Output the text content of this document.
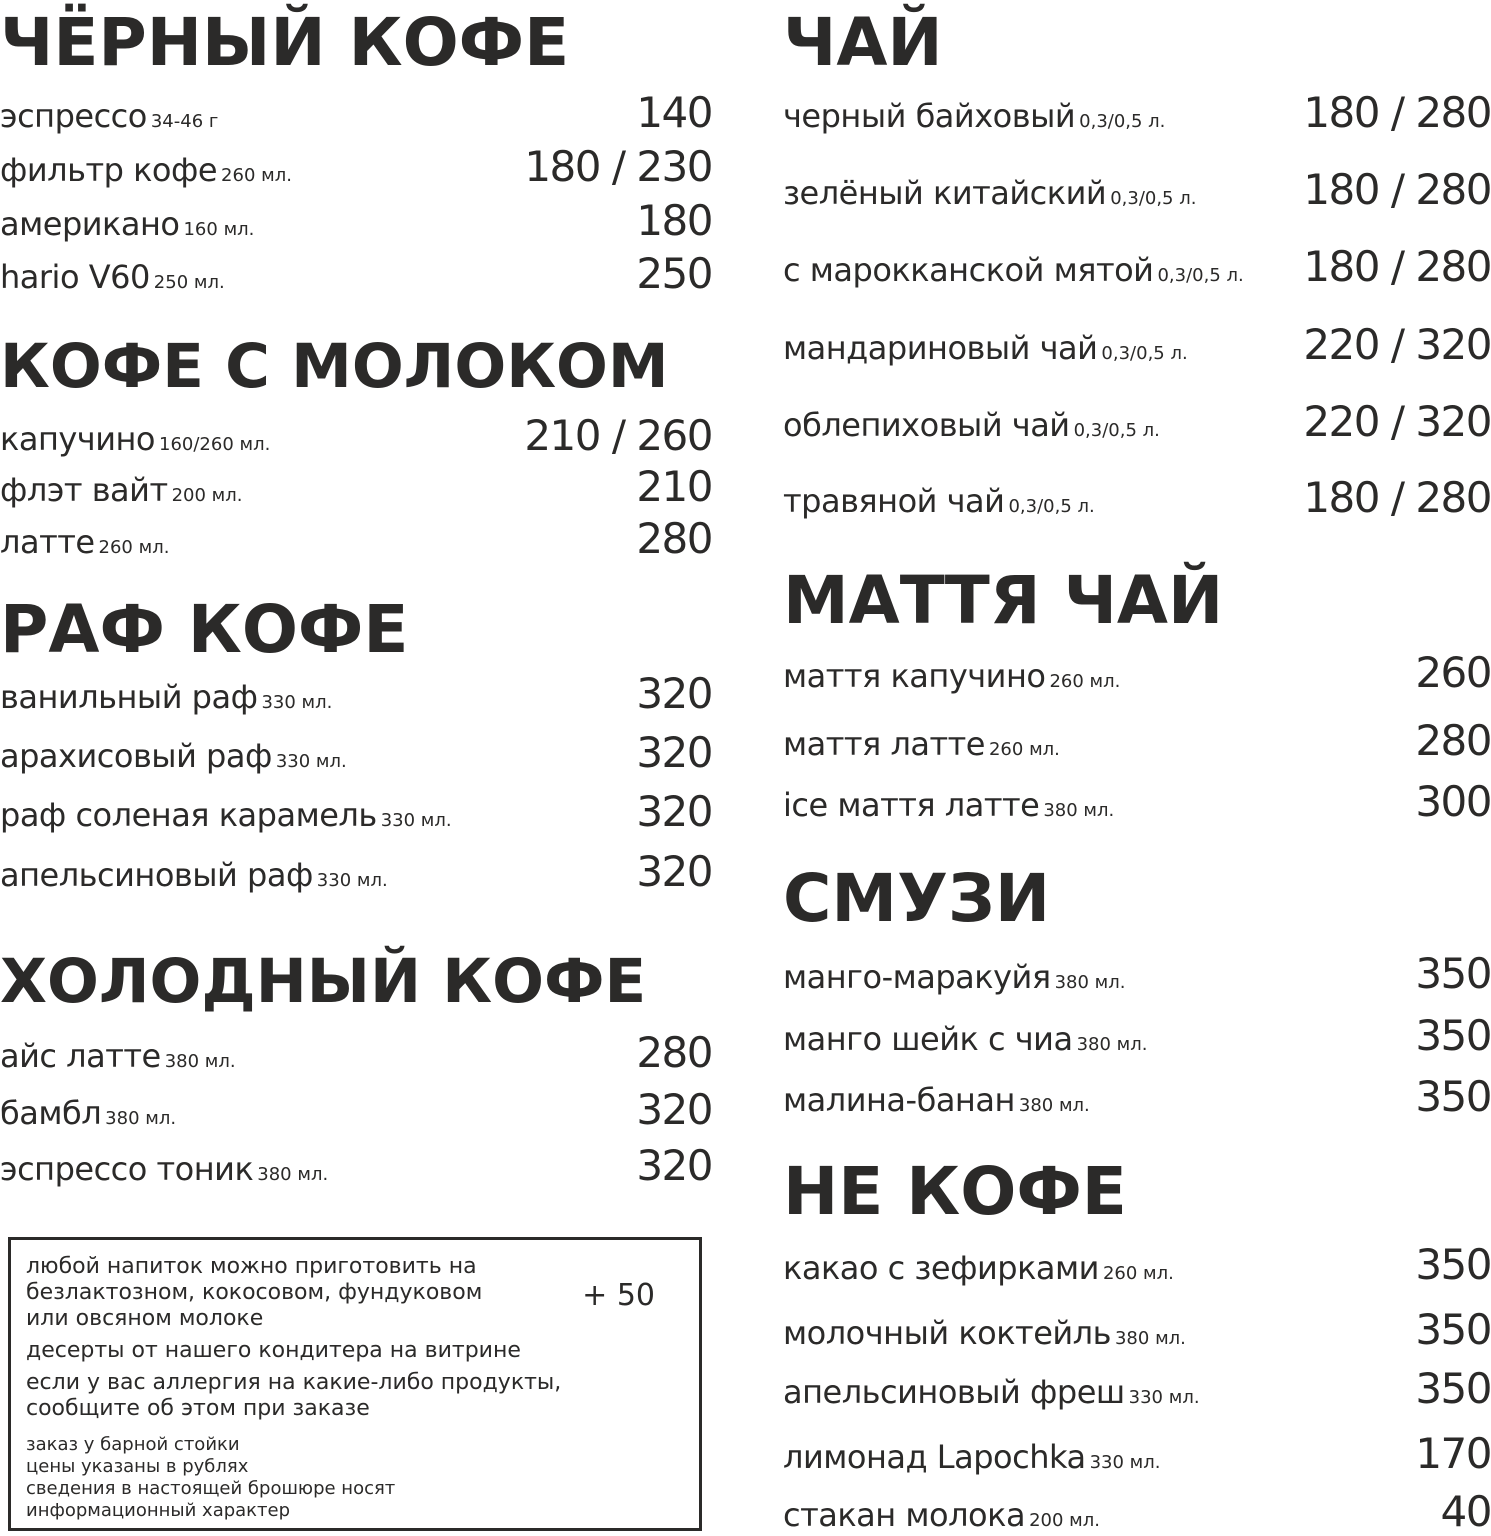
ЧЁРНЫЙ КОФЕ
эспрессо 34-46 г	140
фильтр кофе 260 мл.	180 / 230
американо 160 мл.	180
hario V60 250 мл.	250
КОФЕ С МОЛОКОМ
капучино 160/260 мл.	210 / 260
флэт вайт 200 мл.	210
латте 260 мл.	280
РАФ КОФЕ
ванильный раф 330 мл.	320
арахисовый раф 330 мл.	320
раф соленая карамель 330 мл.	320
апельсиновый раф 330 мл.	320
ХОЛОДНЫЙ КОФЕ
айс латте 380 мл.	280
бамбл 380 мл.	320
эспрессо тоник 380 мл.	320
любой напиток можно приготовить на
безлактозном, кокосовом, фундуковом
или овсяном молоке
+ 50
десерты от нашего кондитера на витрине
если у вас аллергия на какие-либо продукты,
сообщите об этом при заказе
заказ у барной стойки
цены указаны в рублях
сведения в настоящей брошюре носят
информационный характер
ЧАЙ
черный байховый 0,3/0,5 л.	180 / 280
зелёный китайский 0,3/0,5 л.	180 / 280
с марокканской мятой 0,3/0,5 л. 180 / 280
мандариновый чай 0,3/0,5 л.	220 / 320
облепиховый чай 0,3/0,5 л.	220 / 320
травяной чай 0,3/0,5 л.	180 / 280
МАТТЯ ЧАЙ
маття капучино 260 мл.	260
маття латте 260 мл.	280
ice маття латте 380 мл.	300
СМУЗИ
манго-маракуйя 380 мл.	350
манго шейк с чиа 380 мл.	350
малина-банан 380 мл.	350
НЕ КОФЕ
какао с зефирками 260 мл.	350
молочный коктейль 380 мл.	350
апельсиновый фреш 330 мл.	350
лимонад Lapochka 330 мл.	170
стакан молока 200 мл.	40
